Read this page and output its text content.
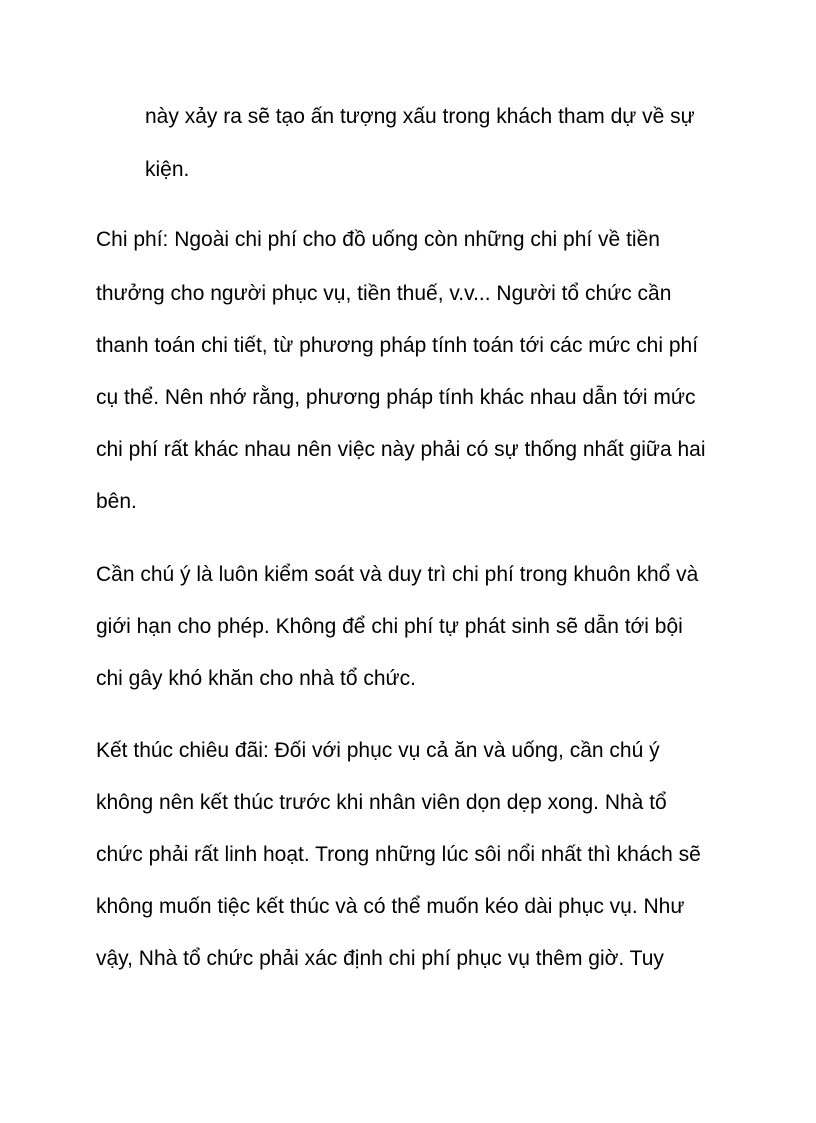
này xảy ra sẽ tạo ấn tượng xấu trong khách tham dự về sự

kiện.

Chi phí: Ngoài chi phí cho đồ uống còn những chi phí về tiền

thưởng cho người phục vụ, tiền thuế, v.v... Người tổ chức cần

thanh toán chi tiết, từ phương pháp tính toán tới các mức chi phí

cụ thể. Nên nhớ rằng, phương pháp tính khác nhau dẫn tới mức

chi phí rất khác nhau nên việc này phải có sự thống nhất giữa hai

bên.

Cần chú ý là luôn kiểm soát và duy trì chi phí trong khuôn khổ và

giới hạn cho phép. Không để chi phí tự phát sinh sẽ dẫn tới bội

chi gây khó khăn cho nhà tổ chức.

Kết thúc chiêu đãi: Đối với phục vụ cả ăn và uống, cần chú ý

không nên kết thúc trước khi nhân viên dọn dẹp xong. Nhà tổ

chức phải rất linh hoạt. Trong những lúc sôi nổi nhất thì khách sẽ

không muốn tiệc kết thúc và có thể muốn kéo dài phục vụ. Như

vậy, Nhà tổ chức phải xác định chi phí phục vụ thêm giờ. Tuy
